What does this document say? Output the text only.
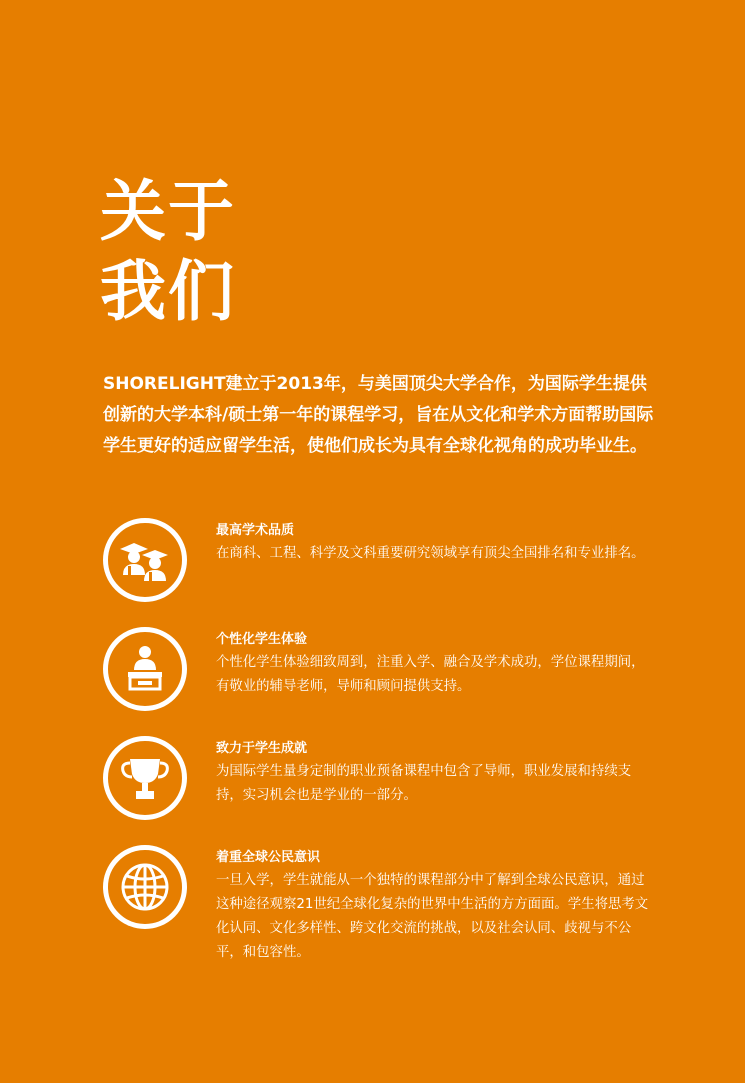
关于
我们
SHORELIGHT建立于2013年，与美国顶尖大学合作，为国际学生提供创新的大学本科/硕士第一年的课程学习，旨在从文化和学术方面帮助国际学生更好的适应留学生活，使他们成长为具有全球化视角的成功毕业生。
最高学术品质
在商科、工程、科学及文科重要研究领域享有顶尖全国排名和专业排名。
个性化学生体验
个性化学生体验细致周到，注重入学、融合及学术成功，学位课程期间，有敬业的辅导老师，导师和顾问提供支持。
致力于学生成就
为国际学生量身定制的职业预备课程中包含了导师，职业发展和持续支持，实习机会也是学业的一部分。
着重全球公民意识
一旦入学，学生就能从一个独特的课程部分中了解到全球公民意识，通过这种途径观察21世纪全球化复杂的世界中生活的方方面面。学生将思考文化认同、文化多样性、跨文化交流的挑战，以及社会认同、歧视与不公平，和包容性。
